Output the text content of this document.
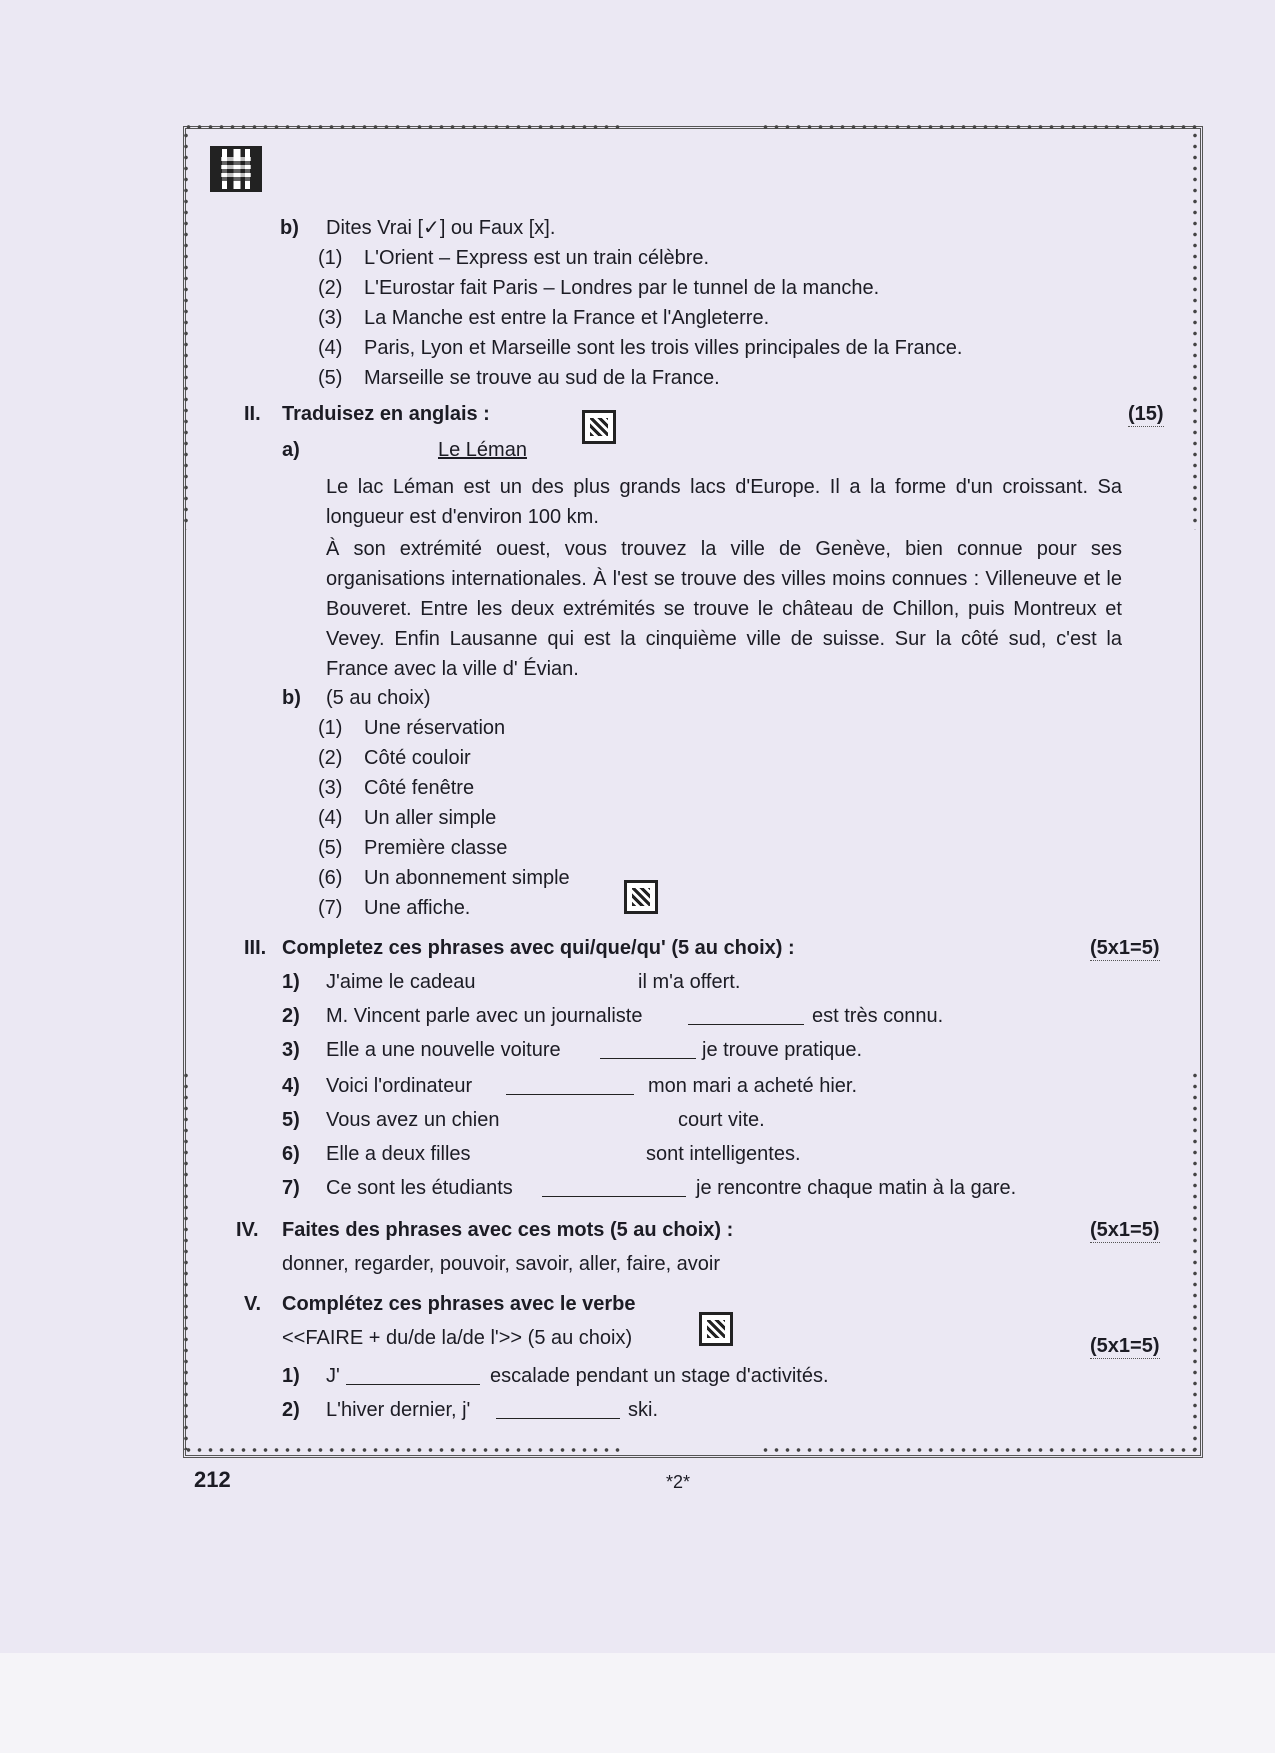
b) Dites Vrai [✓] ou Faux [x].
(1) L'Orient – Express est un train célèbre.
(2) L'Eurostar fait Paris – Londres par le tunnel de la manche.
(3) La Manche est entre la France et l'Angleterre.
(4) Paris, Lyon et Marseille sont les trois villes principales de la France.
(5) Marseille se trouve au sud de la France.
II. Traduisez en anglais :	(15)
a)	Le Léman
Le lac Léman est un des plus grands lacs d'Europe. Il a la forme d'un croissant. Sa longueur est d'environ 100 km.
À son extrémité ouest, vous trouvez la ville de Genève, bien connue pour ses organisations internationales. À l'est se trouve des villes moins connues : Villeneuve et le Bouveret. Entre les deux extrémités se trouve le château de Chillon, puis Montreux et Vevey. Enfin Lausanne qui est la cinquième ville de suisse. Sur la côté sud, c'est la France avec la ville d' Évian.
b) (5 au choix)
(1) Une réservation
(2) Côté couloir
(3) Côté fenêtre
(4) Un aller simple
(5) Première classe
(6) Un abonnement simple
(7) Une affiche.
III. Completez ces phrases avec qui/que/qu' (5 au choix) :	(5x1=5)
1) J'aime le cadeau	il m'a offert.
2) M. Vincent parle avec un journaliste	est très connu.
3) Elle a une nouvelle voiture	je trouve pratique.
4) Voici l'ordinateur	mon mari a acheté hier.
5) Vous avez un chien	court vite.
6) Elle a deux filles	sont intelligentes.
7) Ce sont les étudiants	je rencontre chaque matin à la gare.
IV. Faites des phrases avec ces mots (5 au choix) :	(5x1=5)
donner, regarder, pouvoir, savoir, aller, faire, avoir
V. Complétez ces phrases avec le verbe
<<FAIRE + du/de la/de l'>> (5 au choix)	(5x1=5)
1) J'	escalade pendant un stage d'activités.
2) L'hiver dernier, j'	ski.
212	*2*
